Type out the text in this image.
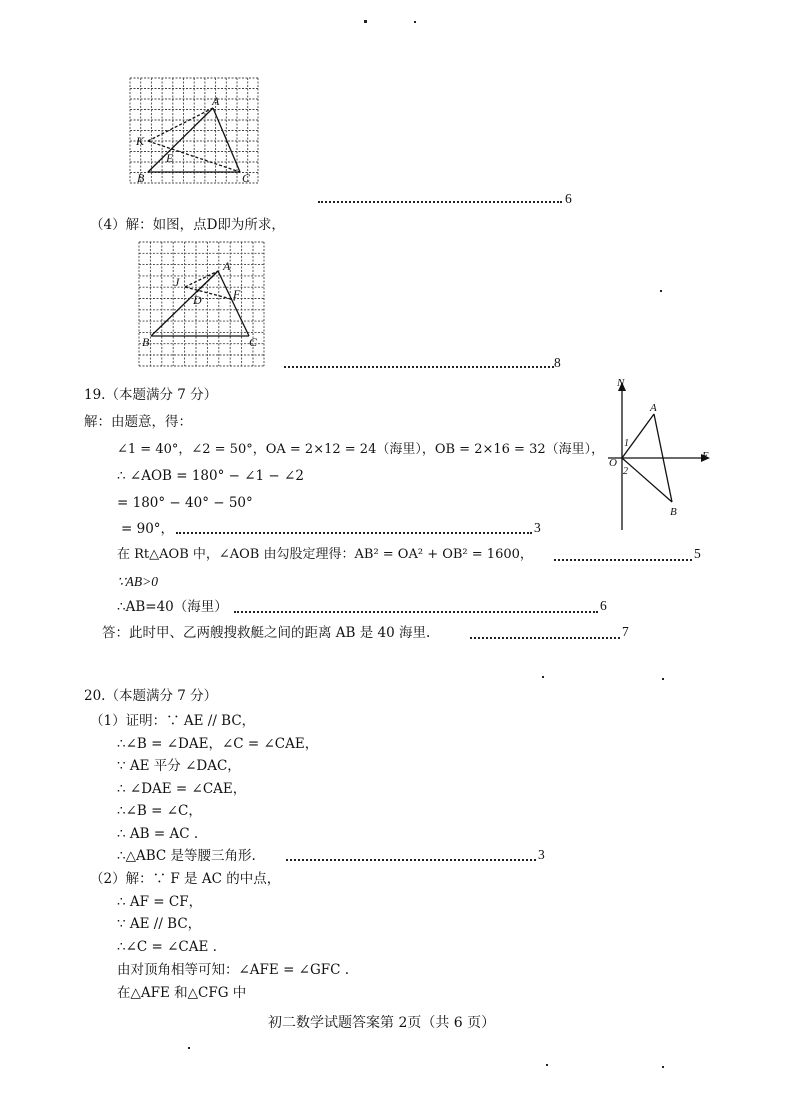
A
K
E
B	C
6
（4）解：如图，点D即为所求，
A
J
D	F
B	C
8
N
E
O
A
B
1
2
19.（本题满分 7 分）
解：由题意，得：
∠1 = 40°，∠2 = 50°，OA = 2×12 = 24（海里），OB = 2×16 = 32（海里），
∴ ∠AOB = 180° − ∠1 − ∠2
= 180° − 40° − 50°
= 90°，	3
在 Rt△AOB 中，∠AOB 由勾股定理得：AB² = OA² + OB² = 1600，	5
∵AB>0
∴AB=40（海里）	6
答：此时甲、乙两艘搜救艇之间的距离 AB 是 40 海里.	7
20.（本题满分 7 分）
（1）证明：∵ AE // BC，
∴∠B = ∠DAE，∠C = ∠CAE，
∵ AE 平分 ∠DAC，
∴ ∠DAE = ∠CAE，
∴∠B = ∠C，
∴ AB = AC .
∴△ABC 是等腰三角形.	3
（2）解：∵ F 是 AC 的中点，
∴ AF = CF，
∵ AE // BC，
∴∠C = ∠CAE .
由对顶角相等可知：∠AFE = ∠GFC .
在△AFE 和△CFG 中
初二数学试题答案第 2页（共 6 页）
